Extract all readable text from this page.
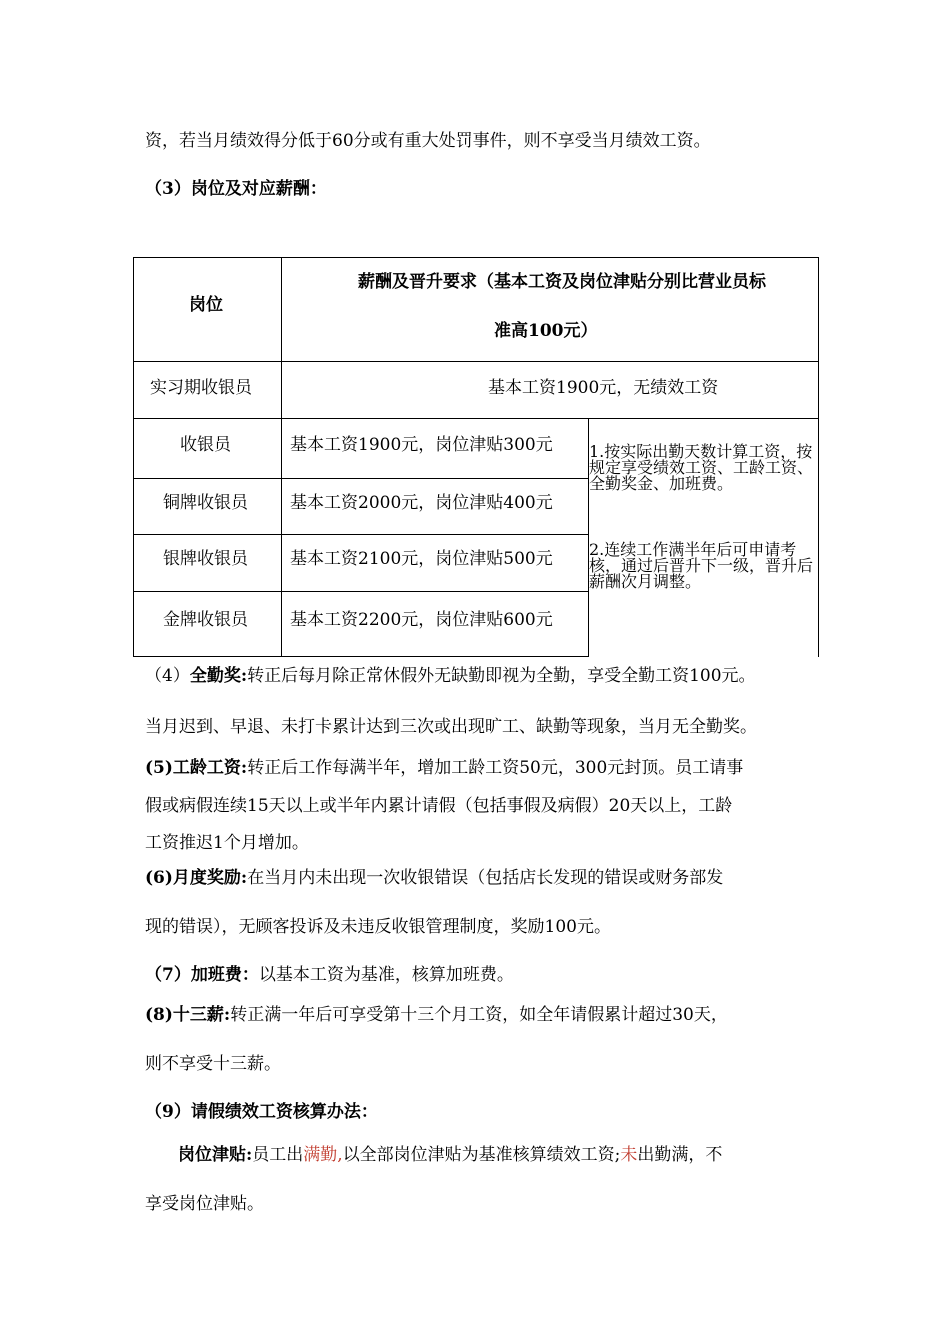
资，若当月绩效得分低于60分或有重大处罚事件，则不享受当月绩效工资。
（3）岗位及对应薪酬：
岗位
薪酬及晋升要求（基本工资及岗位津贴分别比营业员标
准高100元）
实习期收银员	基本工资1900元，无绩效工资
收银员	基本工资1900元，岗位津贴300元
铜牌收银员 基本工资2000元，岗位津贴400元
银牌收银员 基本工资2100元，岗位津贴500元
金牌收银员 基本工资2200元，岗位津贴600元
1.按实际出勤天数计算工资，按规定享受绩效工资、工龄工资、全勤奖金、加班费。
2.连续工作满半年后可申请考核，通过后晋升下一级，晋升后薪酬次月调整。
（4）全勤奖:转正后每月除正常休假外无缺勤即视为全勤，享受全勤工资100元。
当月迟到、早退、未打卡累计达到三次或出现旷工、缺勤等现象，当月无全勤奖。
(5)工龄工资:转正后工作每满半年，增加工龄工资50元，300元封顶。员工请事
假或病假连续15天以上或半年内累计请假（包括事假及病假）20天以上，工龄
工资推迟1个月增加。
(6)月度奖励:在当月内未出现一次收银错误（包括店长发现的错误或财务部发
现的错误），无顾客投诉及未违反收银管理制度，奖励100元。
（7）加班费：以基本工资为基准，核算加班费。
(8)十三薪:转正满一年后可享受第十三个月工资，如全年请假累计超过30天，
则不享受十三薪。
（9）请假绩效工资核算办法：
岗位津贴:员工出满勤,以全部岗位津贴为基准核算绩效工资;未出勤满，不
享受岗位津贴。
